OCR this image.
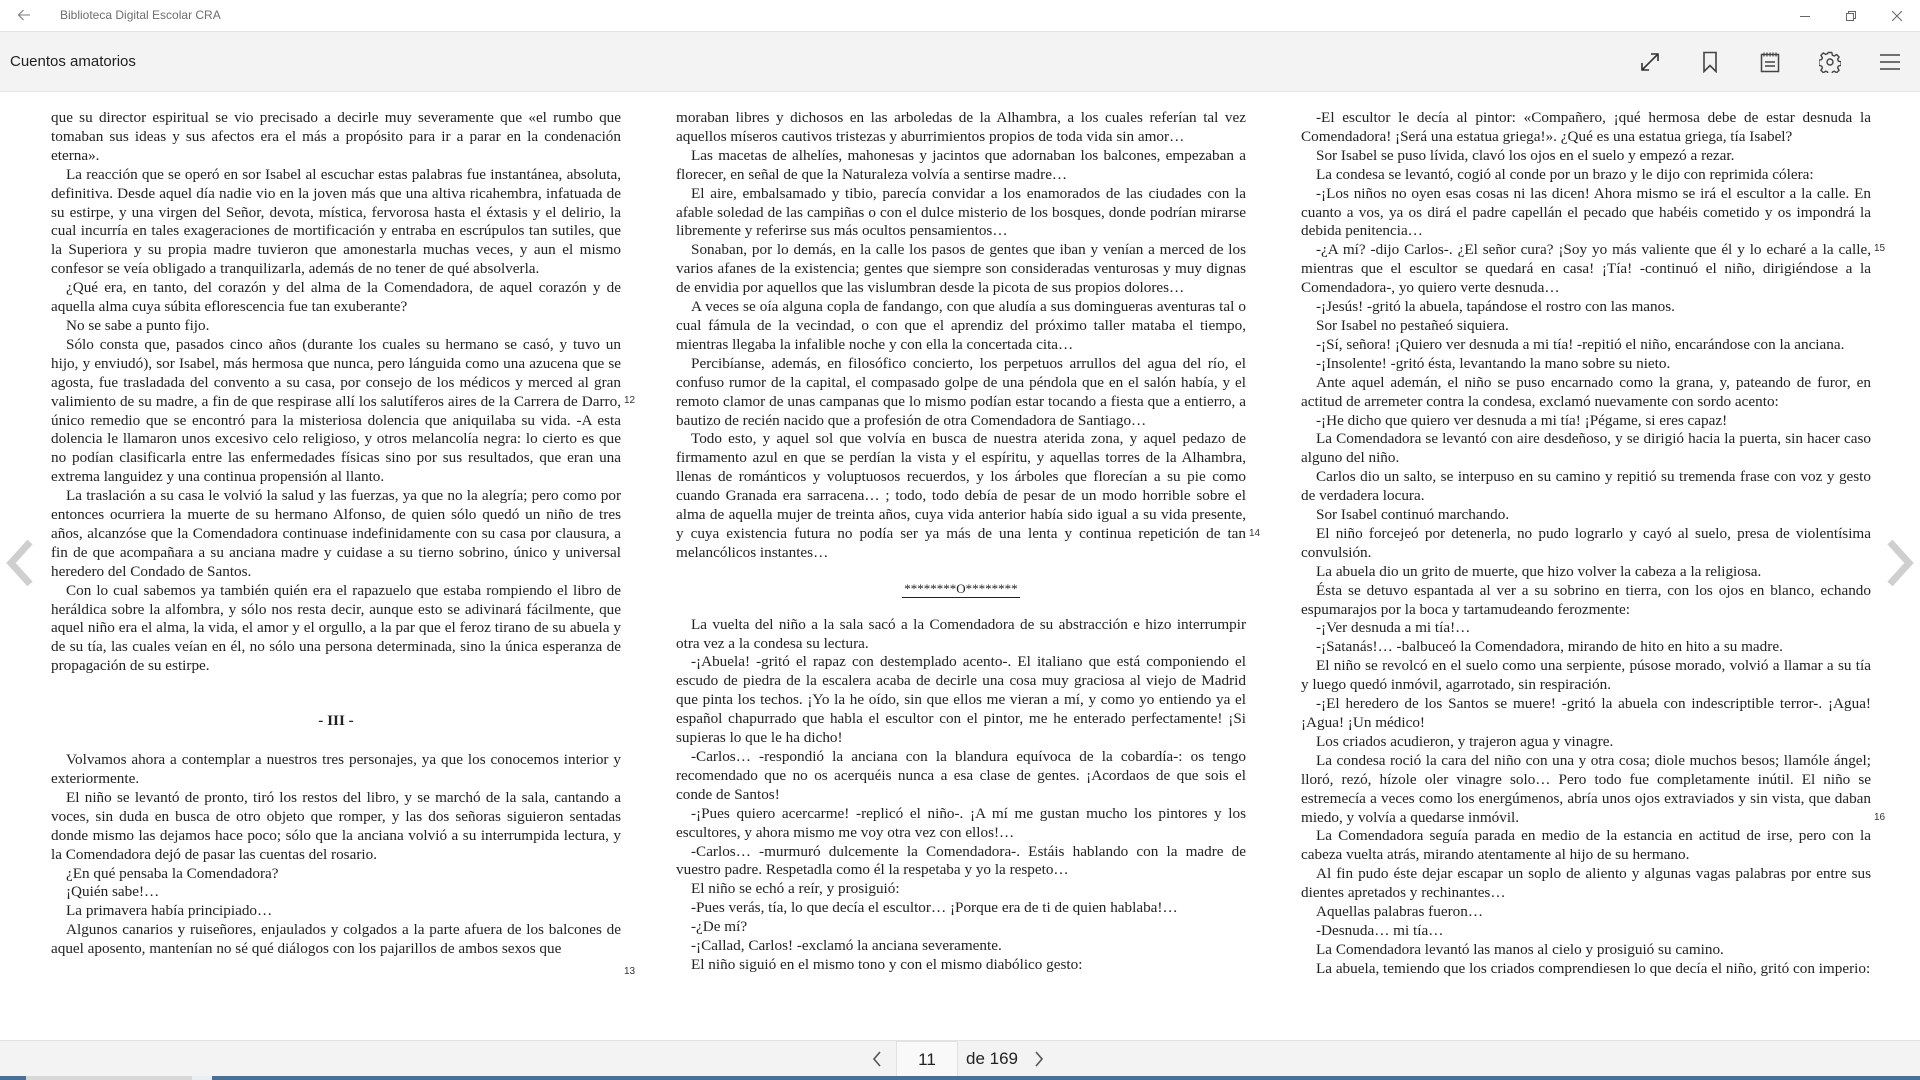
Biblioteca Digital Escolar CRA
Cuentos amatorios

que su director espiritual se vio precisado a decirle muy severamente que «el rumbo que tomaban sus ideas y sus afectos era el más a propósito para ir a parar en la condenación eterna».

La reacción que se operó en sor Isabel al escuchar estas palabras fue instantánea, absoluta, definitiva. Desde aquel día nadie vio en la joven más que una altiva ricahembra, infatuada de su estirpe, y una virgen del Señor, devota, mística, fervorosa hasta el éxtasis y el delirio, la cual incurría en tales exageraciones de mortificación y entraba en escrúpulos tan sutiles, que la Superiora y su propia madre tuvieron que amonestarla muchas veces, y aun el mismo confesor se veía obligado a tranquilizarla, además de no tener de qué absolverla.

¿Qué era, en tanto, del corazón y del alma de la Comendadora, de aquel corazón y de aquella alma cuya súbita eflorescencia fue tan exuberante?

No se sabe a punto fijo.

Sólo consta que, pasados cinco años (durante los cuales su hermano se casó, y tuvo un hijo, y enviudó), sor Isabel, más hermosa que nunca, pero lánguida como una azucena que se agosta, fue trasladada del convento a su casa, por consejo de los médicos y merced al gran valimiento de su madre, a fin de que respirase allí los salutíferos aires de la Carrera de Darro, único remedio que se encontró para la misteriosa dolencia que aniquilaba su vida. -A esta dolencia le llamaron unos excesivo celo religioso, y otros melancolía negra: lo cierto es que no podían clasificarla entre las enfermedades físicas sino por sus resultados, que eran una extrema languidez y una continua propensión al llanto.

La traslación a su casa le volvió la salud y las fuerzas, ya que no la alegría; pero como por entonces ocurriera la muerte de su hermano Alfonso, de quien sólo quedó un niño de tres años, alcanzóse que la Comendadora continuase indefinidamente con su casa por clausura, a fin de que acompañara a su anciana madre y cuidase a su tierno sobrino, único y universal heredero del Condado de Santos.

Con lo cual sabemos ya también quién era el rapazuelo que estaba rompiendo el libro de heráldica sobre la alfombra, y sólo nos resta decir, aunque esto se adivinará fácilmente, que aquel niño era el alma, la vida, el amor y el orgullo, a la par que el feroz tirano de su abuela y de su tía, las cuales veían en él, no sólo una persona determinada, sino la única esperanza de propagación de su estirpe.

- III -

Volvamos ahora a contemplar a nuestros tres personajes, ya que los conocemos interior y exteriormente.

El niño se levantó de pronto, tiró los restos del libro, y se marchó de la sala, cantando a voces, sin duda en busca de otro objeto que romper, y las dos señoras siguieron sentadas donde mismo las dejamos hace poco; sólo que la anciana volvió a su interrumpida lectura, y la Comendadora dejó de pasar las cuentas del rosario.

¿En qué pensaba la Comendadora?

¡Quién sabe!…

La primavera había principiado…

Algunos canarios y ruiseñores, enjaulados y colgados a la parte afuera de los balcones de aquel aposento, mantenían no sé qué diálogos con los pajarillos de ambos sexos que

moraban libres y dichosos en las arboledas de la Alhambra, a los cuales referían tal vez aquellos míseros cautivos tristezas y aburrimientos propios de toda vida sin amor…

Las macetas de alhelíes, mahonesas y jacintos que adornaban los balcones, empezaban a florecer, en señal de que la Naturaleza volvía a sentirse madre…

El aire, embalsamado y tibio, parecía convidar a los enamorados de las ciudades con la afable soledad de las campiñas o con el dulce misterio de los bosques, donde podrían mirarse libremente y referirse sus más ocultos pensamientos…

Sonaban, por lo demás, en la calle los pasos de gentes que iban y venían a merced de los varios afanes de la existencia; gentes que siempre son consideradas venturosas y muy dignas de envidia por aquellos que las vislumbran desde la picota de sus propios dolores…

A veces se oía alguna copla de fandango, con que aludía a sus domingueras aventuras tal o cual fámula de la vecindad, o con que el aprendiz del próximo taller mataba el tiempo, mientras llegaba la infalible noche y con ella la concertada cita…

Percibíanse, además, en filosófico concierto, los perpetuos arrullos del agua del río, el confuso rumor de la capital, el compasado golpe de una péndola que en el salón había, y el remoto clamor de unas campanas que lo mismo podían estar tocando a fiesta que a entierro, a bautizo de recién nacido que a profesión de otra Comendadora de Santiago…

Todo esto, y aquel sol que volvía en busca de nuestra aterida zona, y aquel pedazo de firmamento azul en que se perdían la vista y el espíritu, y aquellas torres de la Alhambra, llenas de románticos y voluptuosos recuerdos, y los árboles que florecían a su pie como cuando Granada era sarracena… ; todo, todo debía de pesar de un modo horrible sobre el alma de aquella mujer de treinta años, cuya vida anterior había sido igual a su vida presente, y cuya existencia futura no podía ser ya más de una lenta y continua repetición de tan melancólicos instantes…

********O********

La vuelta del niño a la sala sacó a la Comendadora de su abstracción e hizo interrumpir otra vez a la condesa su lectura.

-¡Abuela! -gritó el rapaz con destemplado acento-. El italiano que está componiendo el escudo de piedra de la escalera acaba de decirle una cosa muy graciosa al viejo de Madrid que pinta los techos. ¡Yo la he oído, sin que ellos me vieran a mí, y como yo entiendo ya el español chapurrado que habla el escultor con el pintor, me he enterado perfectamente! ¡Si supieras lo que le ha dicho!

-Carlos… -respondió la anciana con la blandura equívoca de la cobardía-: os tengo recomendado que no os acerquéis nunca a esa clase de gentes. ¡Acordaos de que sois el conde de Santos!

-¡Pues quiero acercarme! -replicó el niño-. ¡A mí me gustan mucho los pintores y los escultores, y ahora mismo me voy otra vez con ellos!…

-Carlos… -murmuró dulcemente la Comendadora-. Estáis hablando con la madre de vuestro padre. Respetadla como él la respetaba y yo la respeto…

El niño se echó a reír, y prosiguió:

-Pues verás, tía, lo que decía el escultor… ¡Porque era de ti de quien hablaba!…

-¿De mí?

-¡Callad, Carlos! -exclamó la anciana severamente.

El niño siguió en el mismo tono y con el mismo diabólico gesto:

-El escultor le decía al pintor: «Compañero, ¡qué hermosa debe de estar desnuda la Comendadora! ¡Será una estatua griega!». ¿Qué es una estatua griega, tía Isabel?

Sor Isabel se puso lívida, clavó los ojos en el suelo y empezó a rezar.

La condesa se levantó, cogió al conde por un brazo y le dijo con reprimida cólera:

-¡Los niños no oyen esas cosas ni las dicen! Ahora mismo se irá el escultor a la calle. En cuanto a vos, ya os dirá el padre capellán el pecado que habéis cometido y os impondrá la debida penitencia…

-¿A mí? -dijo Carlos-. ¿El señor cura? ¡Soy yo más valiente que él y lo echaré a la calle, mientras que el escultor se quedará en casa! ¡Tía! -continuó el niño, dirigiéndose a la Comendadora-, yo quiero verte desnuda…

-¡Jesús! -gritó la abuela, tapándose el rostro con las manos.

Sor Isabel no pestañeó siquiera.

-¡Sí, señora! ¡Quiero ver desnuda a mi tía! -repitió el niño, encarándose con la anciana.

-¡Insolente! -gritó ésta, levantando la mano sobre su nieto.

Ante aquel ademán, el niño se puso encarnado como la grana, y, pateando de furor, en actitud de arremeter contra la condesa, exclamó nuevamente con sordo acento:

-¡He dicho que quiero ver desnuda a mi tía! ¡Pégame, si eres capaz!

La Comendadora se levantó con aire desdeñoso, y se dirigió hacia la puerta, sin hacer caso alguno del niño.

Carlos dio un salto, se interpuso en su camino y repitió su tremenda frase con voz y gesto de verdadera locura.

Sor Isabel continuó marchando.

El niño forcejeó por detenerla, no pudo lograrlo y cayó al suelo, presa de violentísima convulsión.

La abuela dio un grito de muerte, que hizo volver la cabeza a la religiosa.

Ésta se detuvo espantada al ver a su sobrino en tierra, con los ojos en blanco, echando espumarajos por la boca y tartamudeando ferozmente:

-¡Ver desnuda a mi tía!…

-¡Satanás!… -balbuceó la Comendadora, mirando de hito en hito a su madre.

El niño se revolcó en el suelo como una serpiente, púsose morado, volvió a llamar a su tía y luego quedó inmóvil, agarrotado, sin respiración.

-¡El heredero de los Santos se muere! -gritó la abuela con indescriptible terror-. ¡Agua! ¡Agua! ¡Un médico!

Los criados acudieron, y trajeron agua y vinagre.

La condesa roció la cara del niño con una y otra cosa; diole muchos besos; llamóle ángel; lloró, rezó, hízole oler vinagre solo… Pero todo fue completamente inútil. El niño se estremecía a veces como los energúmenos, abría unos ojos extraviados y sin vista, que daban miedo, y volvía a quedarse inmóvil.

La Comendadora seguía parada en medio de la estancia en actitud de irse, pero con la cabeza vuelta atrás, mirando atentamente al hijo de su hermano.

Al fin pudo éste dejar escapar un soplo de aliento y algunas vagas palabras por entre sus dientes apretados y rechinantes…

Aquellas palabras fueron…

-Desnuda… mi tía…

La Comendadora levantó las manos al cielo y prosiguió su camino.

La abuela, temiendo que los criados comprendiesen lo que decía el niño, gritó con imperio:

12
13
14
15
16
11
de 169
